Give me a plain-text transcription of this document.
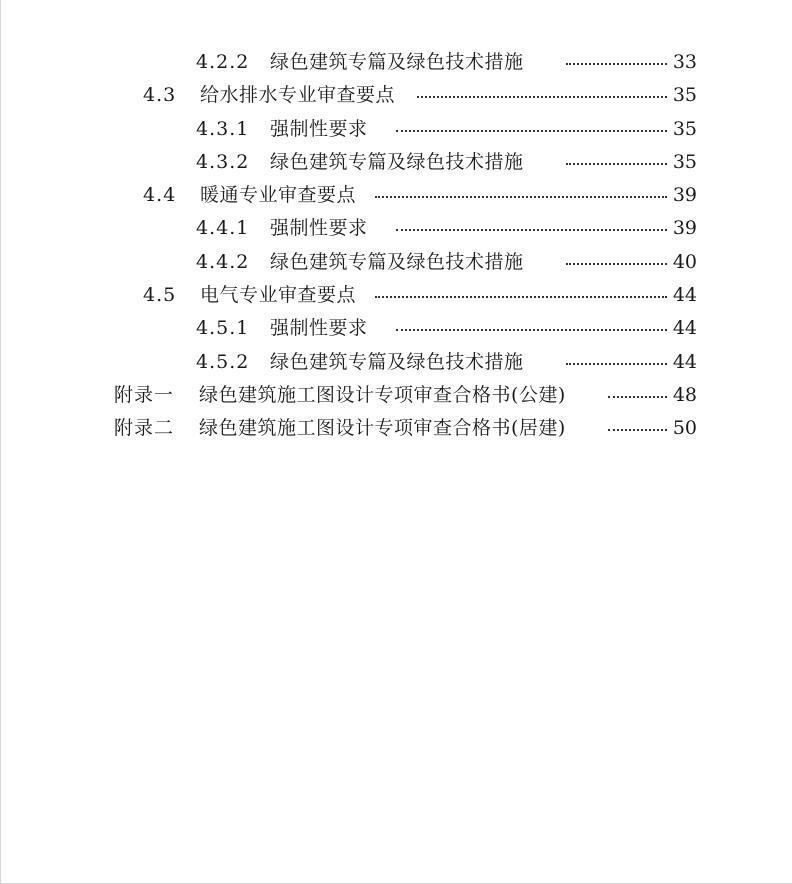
4.2.2 绿色建筑专篇及绿色技术措施	33
4.3 给水排水专业审查要点	35
4.3.1 强制性要求	35
4.3.2 绿色建筑专篇及绿色技术措施	35
4.4 暖通专业审查要点	39
4.4.1 强制性要求	39
4.4.2 绿色建筑专篇及绿色技术措施	40
4.5 电气专业审查要点	44
4.5.1 强制性要求	44
4.5.2 绿色建筑专篇及绿色技术措施	44
附录一 绿色建筑施工图设计专项审查合格书(公建)	48
附录二 绿色建筑施工图设计专项审查合格书(居建)	50
